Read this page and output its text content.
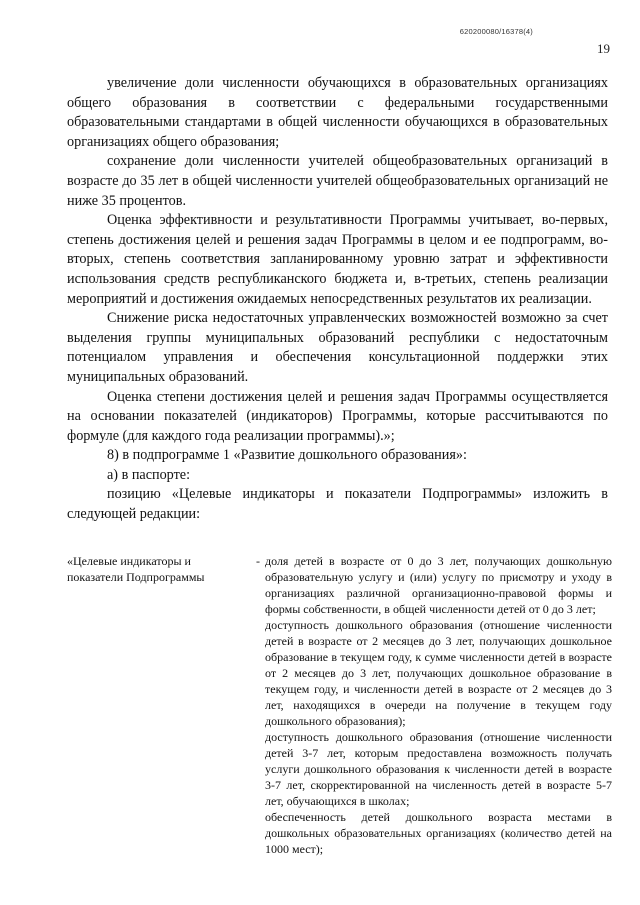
620200080/16378(4)
19

увеличение доли численности обучающихся в образовательных организациях общего образования в соответствии с федеральными государственными образовательными стандартами в общей численности обучающихся в образовательных организациях общего образования;

сохранение доли численности учителей общеобразовательных организаций в возрасте до 35 лет в общей численности учителей общеобразовательных организаций не ниже 35 процентов.

Оценка эффективности и результативности Программы учитывает, во-первых, степень достижения целей и решения задач Программы в целом и ее подпрограмм, во-вторых, степень соответствия запланированному уровню затрат и эффективности использования средств республиканского бюджета и, в-третьих, степень реализации мероприятий и достижения ожидаемых непосредственных результатов их реализации.

Снижение риска недостаточных управленческих возможностей возможно за счет выделения группы муниципальных образований республики с недостаточным потенциалом управления и обеспечения консультационной поддержки этих муниципальных образований.

Оценка степени достижения целей и решения задач Программы осуществляется на основании показателей (индикаторов) Программы, которые рассчитываются по формуле (для каждого года реализации программы).»;

8) в подпрограмме 1 «Развитие дошкольного образования»:

а) в паспорте:

позицию «Целевые индикаторы и показатели Подпрограммы» изложить в следующей редакции:

«Целевые индикаторы и показатели Подпрограммы
- доля детей в возрасте от 0 до 3 лет, получающих дошкольную образовательную услугу и (или) услугу по присмотру и уходу в организациях различной организационно-правовой формы и формы собственности, в общей численности детей от 0 до 3 лет;

доступность дошкольного образования (отношение численности детей в возрасте от 2 месяцев до 3 лет, получающих дошкольное образование в текущем году, к сумме численности детей в возрасте от 2 месяцев до 3 лет, получающих дошкольное образование в текущем году, и численности детей в возрасте от 2 месяцев до 3 лет, находящихся в очереди на получение в текущем году дошкольного образования);

доступность дошкольного образования (отношение численности детей 3-7 лет, которым предоставлена возможность получать услуги дошкольного образования к численности детей в возрасте 3-7 лет, скорректированной на численность детей в возрасте 5-7 лет, обучающихся в школах;

обеспеченность детей дошкольного возраста местами в дошкольных образовательных организациях (количество детей на 1000 мест);
